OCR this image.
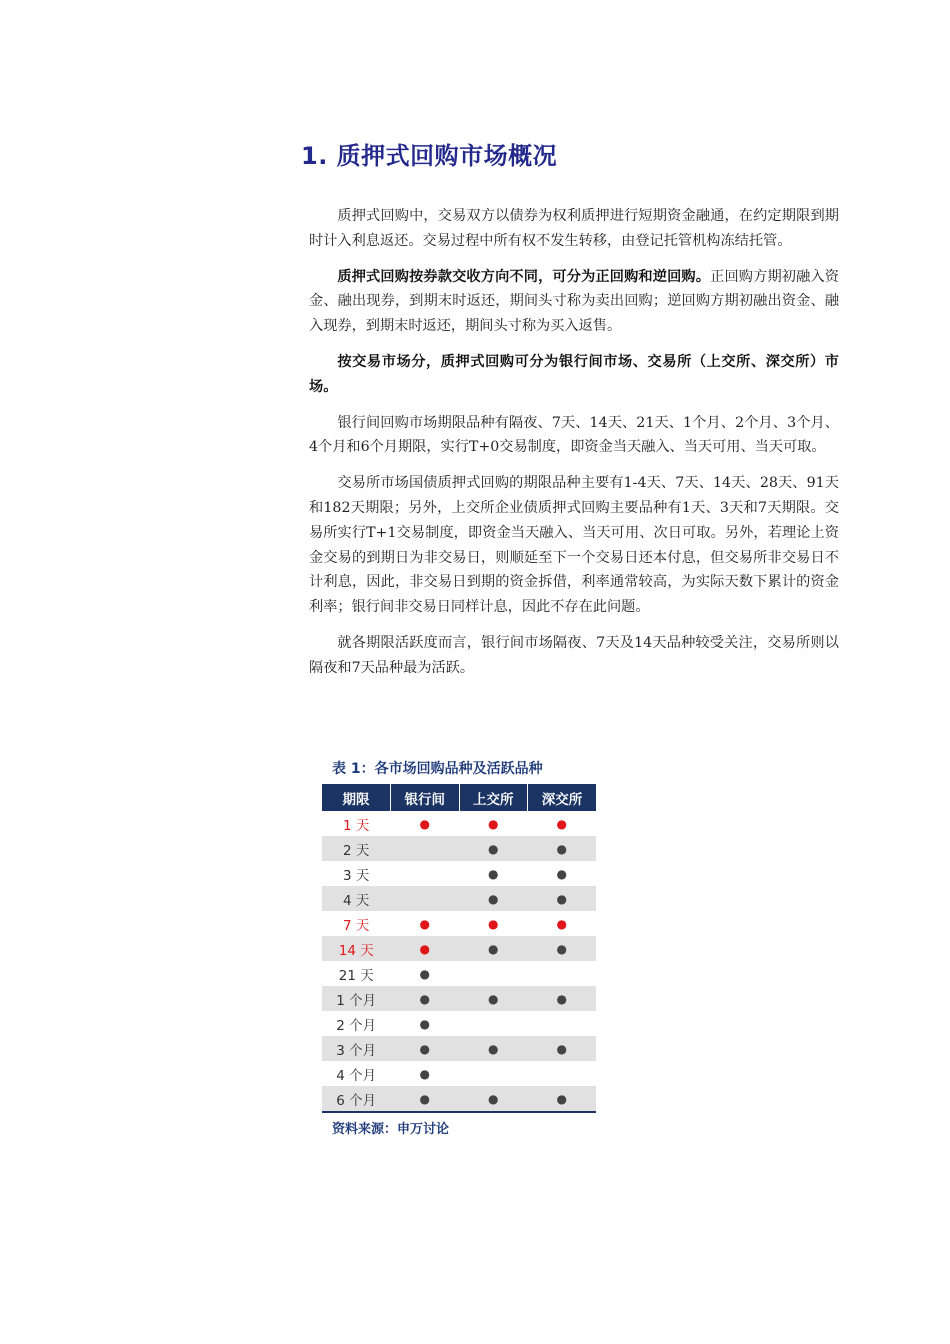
1. 质押式回购市场概况

质押式回购中，交易双方以债券为权利质押进行短期资金融通，在约定期限到期时计入利息返还。交易过程中所有权不发生转移，由登记托管机构冻结托管。

质押式回购按券款交收方向不同，可分为正回购和逆回购。正回购方期初融入资金、融出现券，到期末时返还，期间头寸称为卖出回购；逆回购方期初融出资金、融入现券，到期末时返还，期间头寸称为买入返售。

按交易市场分，质押式回购可分为银行间市场、交易所（上交所、深交所）市场。

银行间回购市场期限品种有隔夜、7天、14天、21天、1个月、2个月、3个月、4个月和6个月期限，实行T+0交易制度，即资金当天融入、当天可用、当天可取。

交易所市场国债质押式回购的期限品种主要有1-4天、7天、14天、28天、91天和182天期限；另外，上交所企业债质押式回购主要品种有1天、3天和7天期限。交易所实行T+1交易制度，即资金当天融入、当天可用、次日可取。另外，若理论上资金交易的到期日为非交易日，则顺延至下一个交易日还本付息，但交易所非交易日不计利息，因此，非交易日到期的资金拆借，利率通常较高，为实际天数下累计的资金利率；银行间非交易日同样计息，因此不存在此问题。

就各期限活跃度而言，银行间市场隔夜、7天及14天品种较受关注，交易所则以隔夜和7天品种最为活跃。

表 1：各市场回购品种及活跃品种
期限	银行间	上交所	深交所
1 天	●	●	●
2 天		●	●
3 天		●	●
4 天		●	●
7 天	●	●	●
14 天	●	●	●
21 天	●		
1 个月	●	●	●
2 个月	●		
3 个月	●	●	●
4 个月	●		
6 个月	●	●	●
资料来源：申万讨论
